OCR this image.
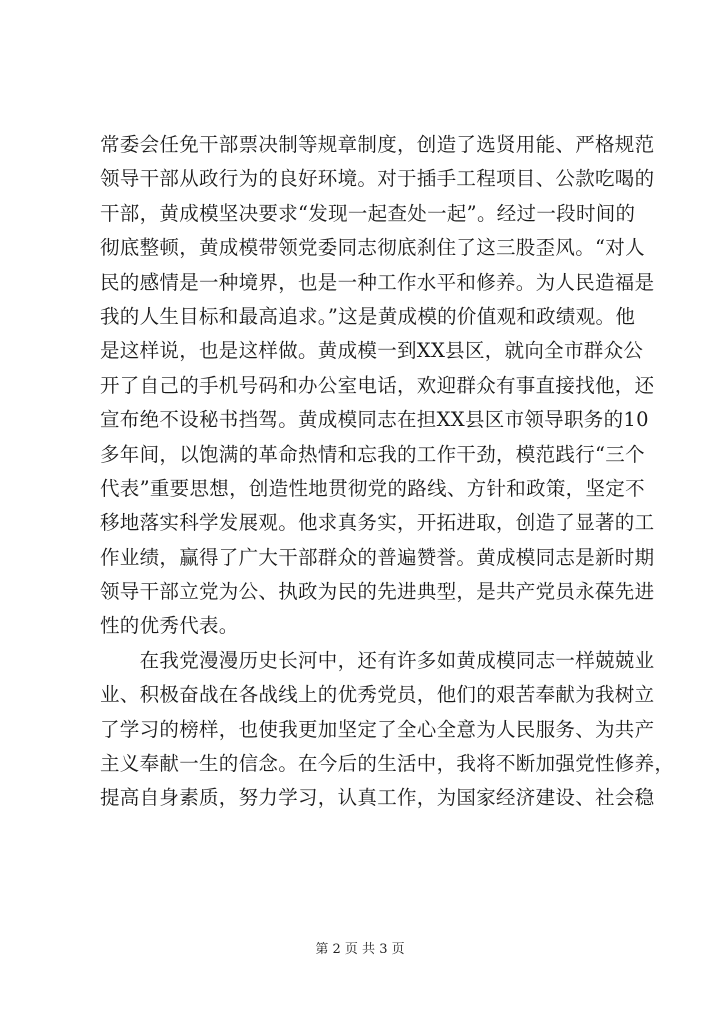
常委会任免干部票决制等规章制度，创造了选贤用能、严格规范
领导干部从政行为的良好环境。对于插手工程项目、公款吃喝的
干部，黄成模坚决要求“发现一起查处一起”。经过一段时间的
彻底整顿，黄成模带领党委同志彻底刹住了这三股歪风。“对人
民的感情是一种境界，也是一种工作水平和修养。为人民造福是
我的人生目标和最高追求。”这是黄成模的价值观和政绩观。他
是这样说，也是这样做。黄成模一到XX县区，就向全市群众公
开了自己的手机号码和办公室电话，欢迎群众有事直接找他，还
宣布绝不设秘书挡驾。黄成模同志在担XX县区市领导职务的10
多年间，以饱满的革命热情和忘我的工作干劲，模范践行“三个
代表”重要思想，创造性地贯彻党的路线、方针和政策，坚定不
移地落实科学发展观。他求真务实，开拓进取，创造了显著的工
作业绩，赢得了广大干部群众的普遍赞誉。黄成模同志是新时期
领导干部立党为公、执政为民的先进典型，是共产党员永葆先进
性的优秀代表。
　　在我党漫漫历史长河中，还有许多如黄成模同志一样兢兢业
业、积极奋战在各战线上的优秀党员，他们的艰苦奉献为我树立
了学习的榜样，也使我更加坚定了全心全意为人民服务、为共产
主义奉献一生的信念。在今后的生活中，我将不断加强党性修养，
提高自身素质，努力学习，认真工作，为国家经济建设、社会稳
第 2 页 共 3 页
